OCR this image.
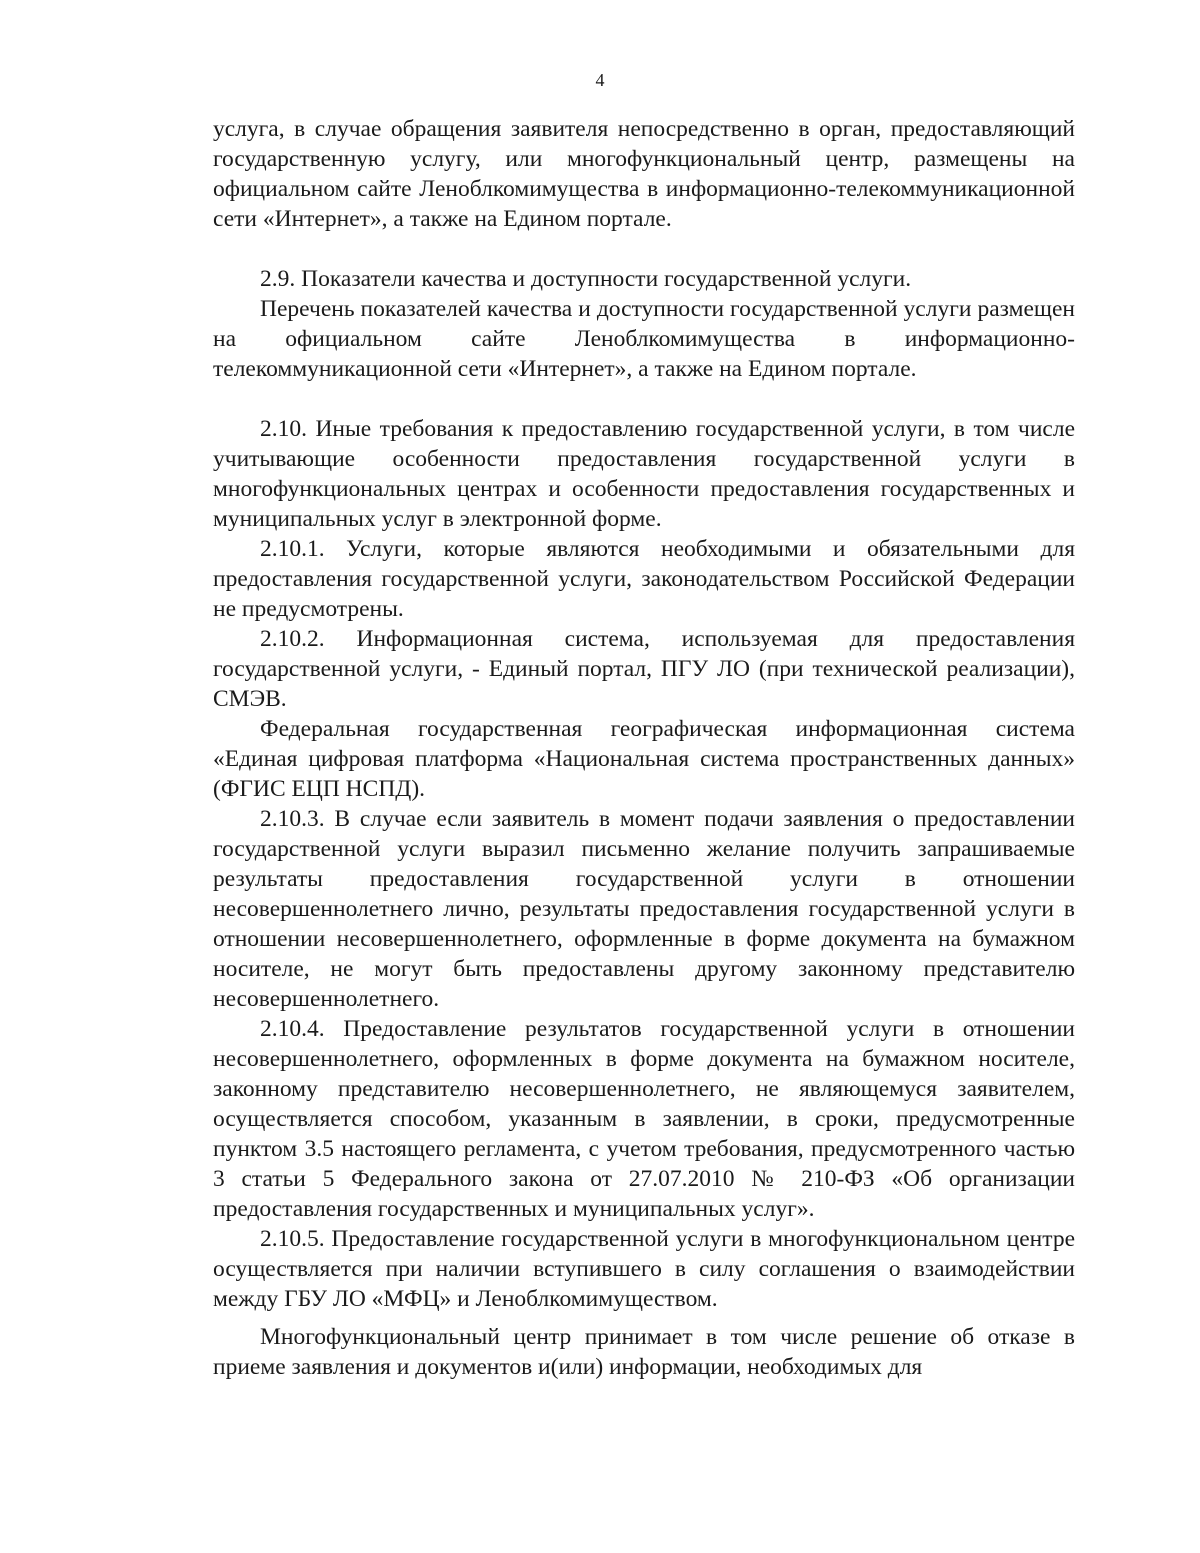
4

услуга, в случае обращения заявителя непосредственно в орган, предоставляющий государственную услугу, или многофункциональный центр, размещены на официальном сайте Леноблкомимущества в информационно-телекоммуникационной сети «Интернет», а также на Едином портале.

2.9. Показатели качества и доступности государственной услуги.

Перечень показателей качества и доступности государственной услуги размещен на официальном сайте Леноблкомимущества в информационно-телекоммуникационной сети «Интернет», а также на Едином портале.

2.10. Иные требования к предоставлению государственной услуги, в том числе учитывающие особенности предоставления государственной услуги в многофункциональных центрах и особенности предоставления государственных и муниципальных услуг в электронной форме.

2.10.1. Услуги, которые являются необходимыми и обязательными для предоставления государственной услуги, законодательством Российской Федерации не предусмотрены.

2.10.2. Информационная система, используемая для предоставления государственной услуги, - Единый портал, ПГУ ЛО (при технической реализации), СМЭВ.

Федеральная государственная географическая информационная система «Единая цифровая платформа «Национальная система пространственных данных» (ФГИС ЕЦП НСПД).

2.10.3. В случае если заявитель в момент подачи заявления о предоставлении государственной услуги выразил письменно желание получить запрашиваемые результаты предоставления государственной услуги в отношении несовершеннолетнего лично, результаты предоставления государственной услуги в отношении несовершеннолетнего, оформленные в форме документа на бумажном носителе, не могут быть предоставлены другому законному представителю несовершеннолетнего.

2.10.4. Предоставление результатов государственной услуги в отношении несовершеннолетнего, оформленных в форме документа на бумажном носителе, законному представителю несовершеннолетнего, не являющемуся заявителем, осуществляется способом, указанным в заявлении, в сроки, предусмотренные пунктом 3.5 настоящего регламента, с учетом требования, предусмотренного частью 3 статьи 5 Федерального закона от 27.07.2010 № 210-ФЗ «Об организации предоставления государственных и муниципальных услуг».

2.10.5. Предоставление государственной услуги в многофункциональном центре осуществляется при наличии вступившего в силу соглашения о взаимодействии между ГБУ ЛО «МФЦ» и Леноблкомимуществом.

Многофункциональный центр принимает в том числе решение об отказе в приеме заявления и документов и(или) информации, необходимых для
